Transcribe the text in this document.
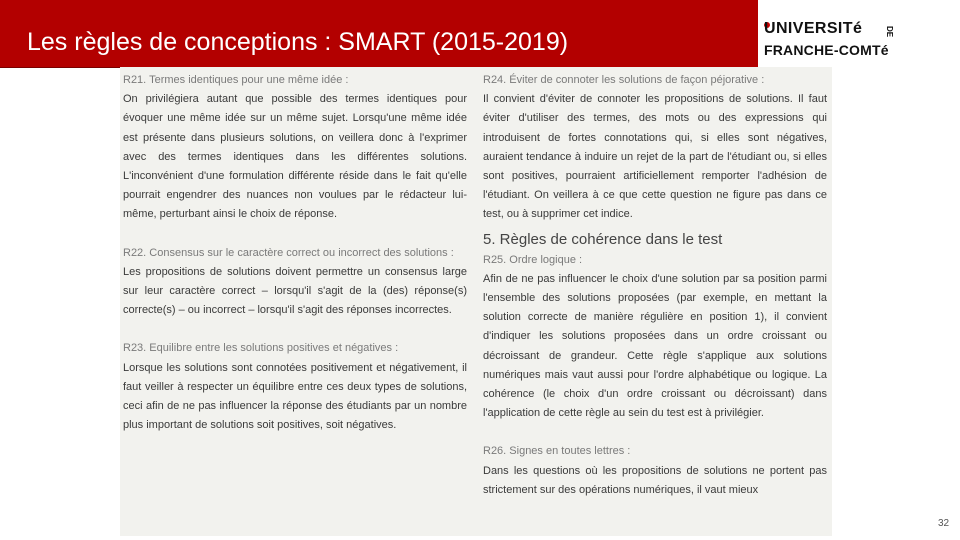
Les règles de conceptions : SMART (2015-2019)	UNIVERSITé
FRANCHE-COMTé
DE
R21. Termes identiques pour une même idée :

On privilégiera autant que possible des termes identiques pour évoquer une même idée sur un même sujet. Lorsqu'une même idée est présente dans plusieurs solutions, on veillera donc à l'exprimer avec des termes identiques dans les différentes solutions. L'inconvénient d'une formulation différente réside dans le fait qu'elle pourrait engendrer des nuances non voulues par le rédacteur lui-même, perturbant ainsi le choix de réponse.

R22. Consensus sur le caractère correct ou incorrect des solutions :

Les propositions de solutions doivent permettre un consensus large sur leur caractère correct – lorsqu'il s'agit de la (des) réponse(s) correcte(s) – ou incorrect – lorsqu'il s'agit des réponses incorrectes.

R23. Equilibre entre les solutions positives et négatives :

Lorsque les solutions sont connotées positivement et négativement, il faut veiller à respecter un équilibre entre ces deux types de solutions, ceci afin de ne pas influencer la réponse des étudiants par un nombre plus important de solutions soit positives, soit négatives.

R24. Éviter de connoter les solutions de façon péjorative :

Il convient d'éviter de connoter les propositions de solutions. Il faut éviter d'utiliser des termes, des mots ou des expressions qui introduisent de fortes connotations qui, si elles sont négatives, auraient tendance à induire un rejet de la part de l'étudiant ou, si elles sont positives, pourraient artificiellement remporter l'adhésion de l'étudiant. On veillera à ce que cette question ne figure pas dans ce test, ou à supprimer cet indice.

5. Règles de cohérence dans le test
R25. Ordre logique :

Afin de ne pas influencer le choix d'une solution par sa position parmi l'ensemble des solutions proposées (par exemple, en mettant la solution correcte de manière régulière en position 1), il convient d'indiquer les solutions proposées dans un ordre croissant ou décroissant de grandeur. Cette règle s'applique aux solutions numériques mais vaut aussi pour l'ordre alphabétique ou logique. La cohérence (le choix d'un ordre croissant ou décroissant) dans l'application de cette règle au sein du test est à privilégier.

R26. Signes en toutes lettres :

Dans les questions où les propositions de solutions ne portent pas strictement sur des opérations numériques, il vaut mieux

32
